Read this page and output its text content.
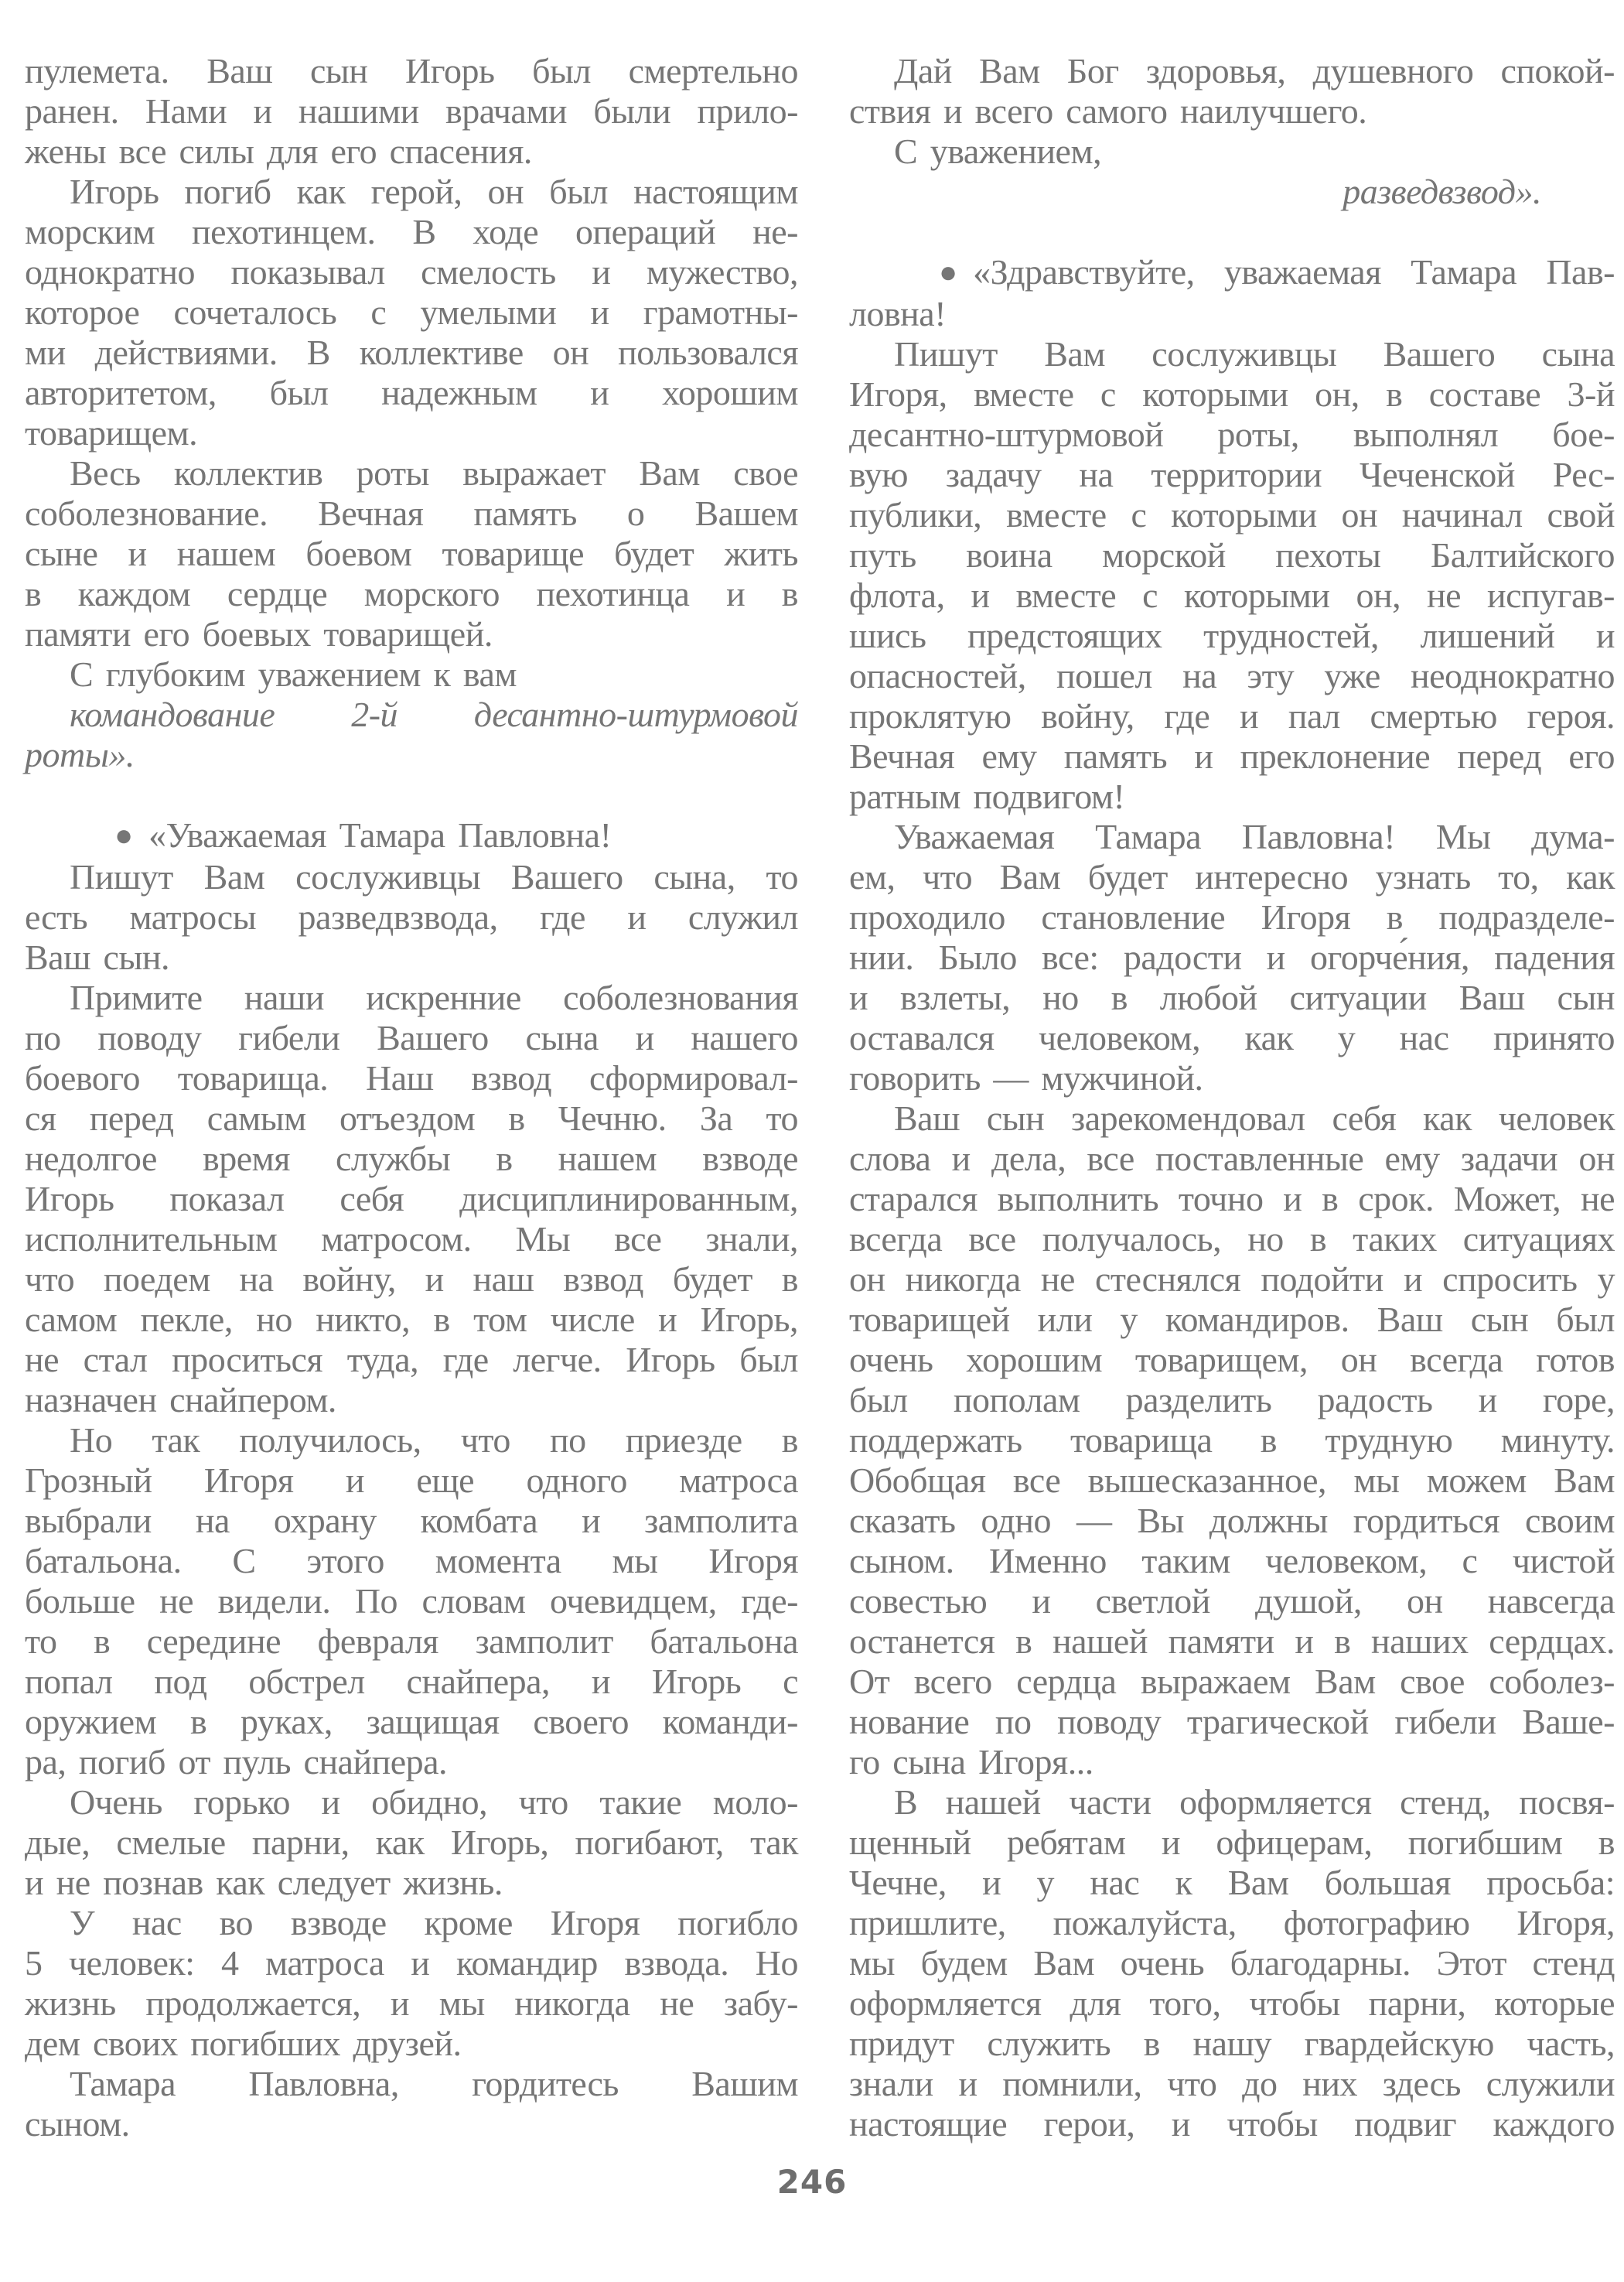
пулемета. Ваш сын Игорь был смертельно
ранен. Нами и нашими врачами были прило-
жены все силы для его спасения.
Игорь погиб как герой, он был настоящим
морским пехотинцем. В ходе операций не-
однократно показывал смелость и мужество,
которое сочеталось с умелыми и грамотны-
ми действиями. В коллективе он пользовался
авторитетом, был надежным и хорошим
товарищем.
Весь коллектив роты выражает Вам свое
соболезнование. Вечная память о Вашем
сыне и нашем боевом товарище будет жить
в каждом сердце морского пехотинца и в
памяти его боевых товарищей.
С глубоким уважением к вам
командование 2-й десантно-штурмовой
роты».
● «Уважаемая Тамара Павловна!
Пишут Вам сослуживцы Вашего сына, то
есть матросы разведвзвода, где и служил
Ваш сын.
Примите наши искренние соболезнования
по поводу гибели Вашего сына и нашего
боевого товарища. Наш взвод сформировал-
ся перед самым отъездом в Чечню. За то
недолгое время службы в нашем взводе
Игорь показал себя дисциплинированным,
исполнительным матросом. Мы все знали,
что поедем на войну, и наш взвод будет в
самом пекле, но никто, в том числе и Игорь,
не стал проситься туда, где легче. Игорь был
назначен снайпером.
Но так получилось, что по приезде в
Грозный Игоря и еще одного матроса
выбрали на охрану комбата и замполита
батальона. С этого момента мы Игоря
больше не видели. По словам очевидцем, где-
то в середине февраля замполит батальона
попал под обстрел снайпера, и Игорь с
оружием в руках, защищая своего команди-
ра, погиб от пуль снайпера.
Очень горько и обидно, что такие моло-
дые, смелые парни, как Игорь, погибают, так
и не познав как следует жизнь.
У нас во взводе кроме Игоря погибло
5 человек: 4 матроса и командир взвода. Но
жизнь продолжается, и мы никогда не забу-
дем своих погибших друзей.
Тамара Павловна, гордитесь Вашим
сыном.
Дай Вам Бог здоровья, душевного спокой-
ствия и всего самого наилучшего.
С уважением,
разведвзвод».
● «Здравствуйте, уважаемая Тамара Пав-
ловна!
Пишут Вам сослуживцы Вашего сына
Игоря, вместе с которыми он, в составе 3-й
десантно-штурмовой роты, выполнял бое-
вую задачу на территории Чеченской Рес-
публики, вместе с которыми он начинал свой
путь воина морской пехоты Балтийского
флота, и вместе с которыми он, не испугав-
шись предстоящих трудностей, лишений и
опасностей, пошел на эту уже неоднократно
проклятую войну, где и пал смертью героя.
Вечная ему память и преклонение перед его
ратным подвигом!
Уважаемая Тамара Павловна! Мы дума-
ем, что Вам будет интересно узнать то, как
проходило становление Игоря в подразделе-
нии. Было все: радости и огорче́ния, падения
и взлеты, но в любой ситуации Ваш сын
оставался человеком, как у нас принято
говорить — мужчиной.
Ваш сын зарекомендовал себя как человек
слова и дела, все поставленные ему задачи он
старался выполнить точно и в срок. Может, не
всегда все получалось, но в таких ситуациях
он никогда не стеснялся подойти и спросить у
товарищей или у командиров. Ваш сын был
очень хорошим товарищем, он всегда готов
был пополам разделить радость и горе,
поддержать товарища в трудную минуту.
Обобщая все вышесказанное, мы можем Вам
сказать одно — Вы должны гордиться своим
сыном. Именно таким человеком, с чистой
совестью и светлой душой, он навсегда
останется в нашей памяти и в наших сердцах.
От всего сердца выражаем Вам свое соболез-
нование по поводу трагической гибели Ваше-
го сына Игоря...
В нашей части оформляется стенд, посвя-
щенный ребятам и офицерам, погибшим в
Чечне, и у нас к Вам большая просьба:
пришлите, пожалуйста, фотографию Игоря,
мы будем Вам очень благодарны. Этот стенд
оформляется для того, чтобы парни, которые
придут служить в нашу гвардейскую часть,
знали и помнили, что до них здесь служили
настоящие герои, и чтобы подвиг каждого
246
